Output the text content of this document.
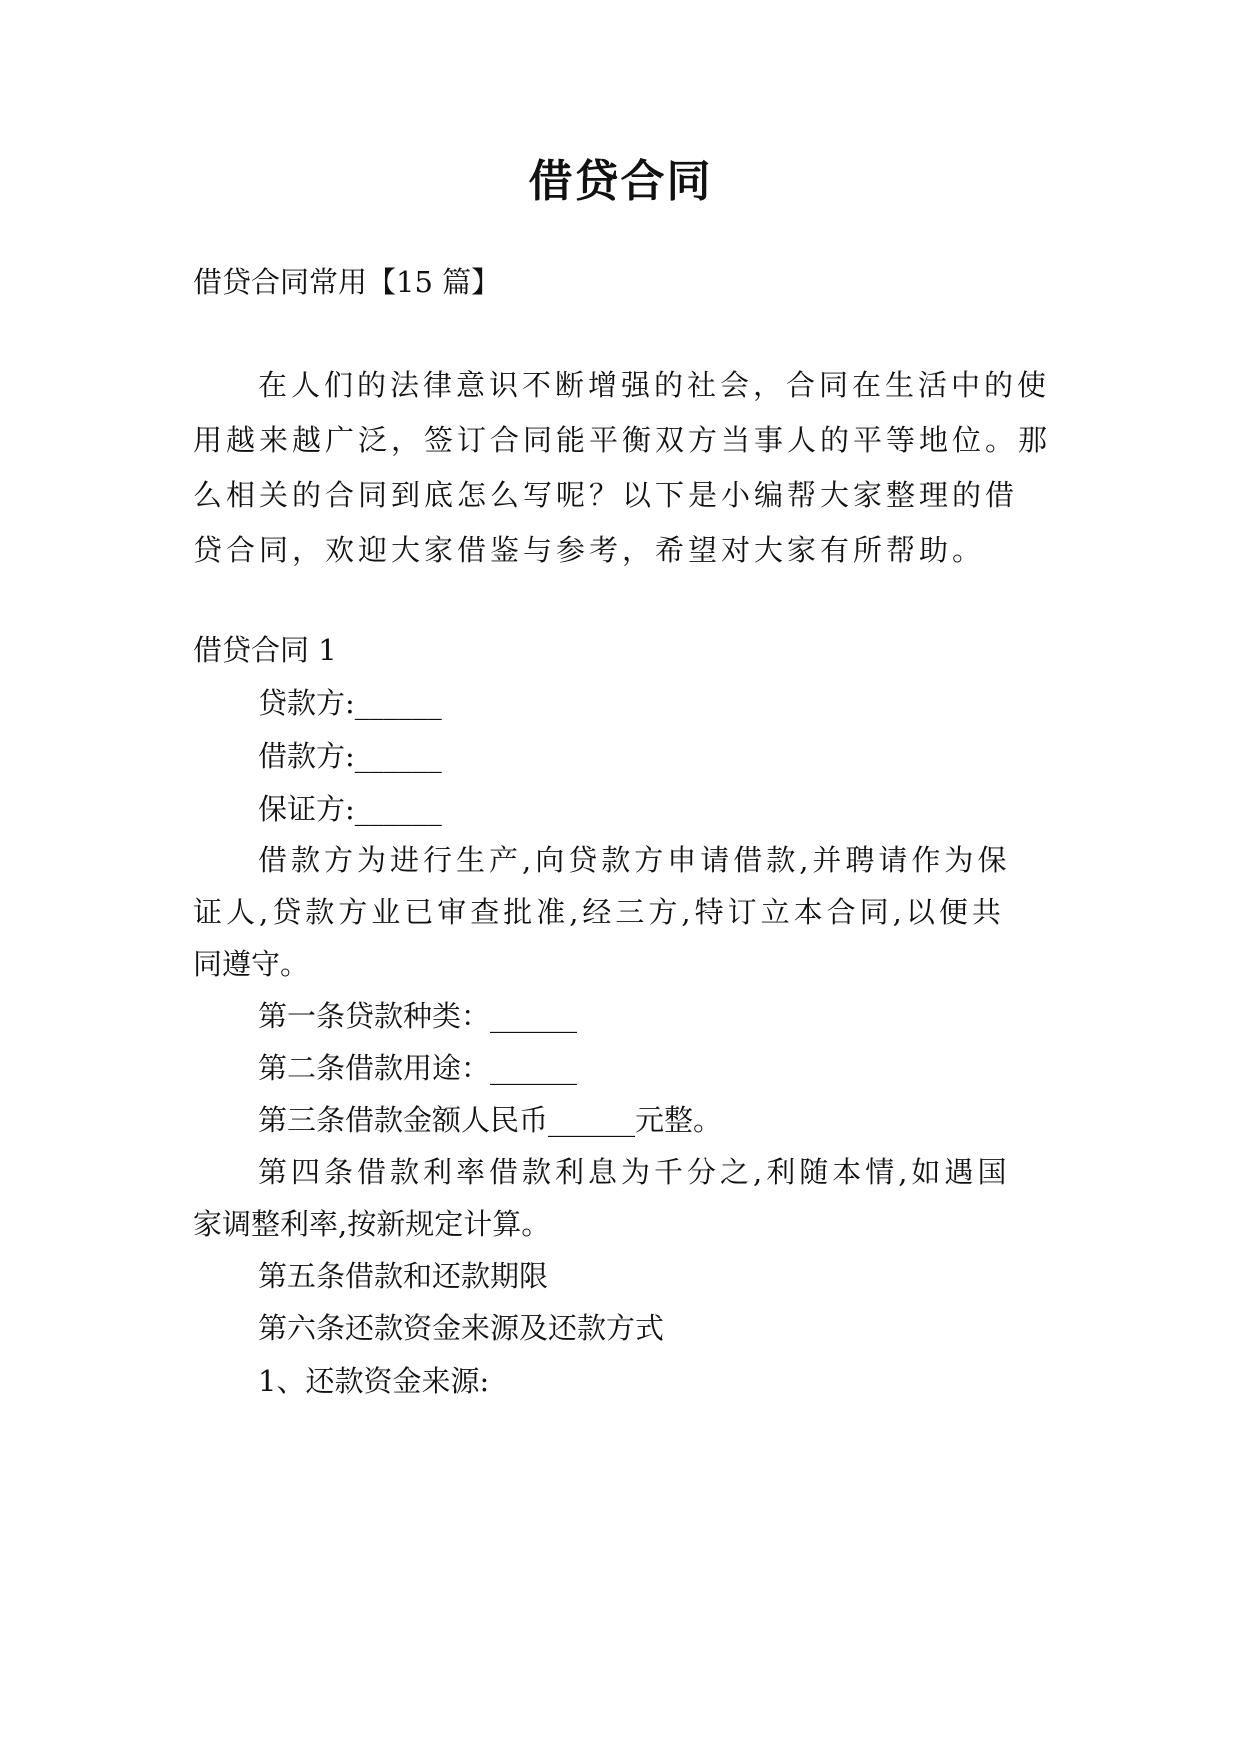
借贷合同
借贷合同常用【15 篇】
在人们的法律意识不断增强的社会，合同在生活中的使
用越来越广泛，签订合同能平衡双方当事人的平等地位。那
么相关的合同到底怎么写呢？以下是小编帮大家整理的借
贷合同，欢迎大家借鉴与参考，希望对大家有所帮助。
借贷合同 1
贷款方:______
借款方:______
保证方:______
借款方为进行生产,向贷款方申请借款,并聘请作为保
证人,贷款方业已审查批准,经三方,特订立本合同,以便共
同遵守。
第一条贷款种类：______
第二条借款用途：______
第三条借款金额人民币______元整。
第四条借款利率借款利息为千分之,利随本情,如遇国
家调整利率,按新规定计算。
第五条借款和还款期限
第六条还款资金来源及还款方式
1、还款资金来源:
